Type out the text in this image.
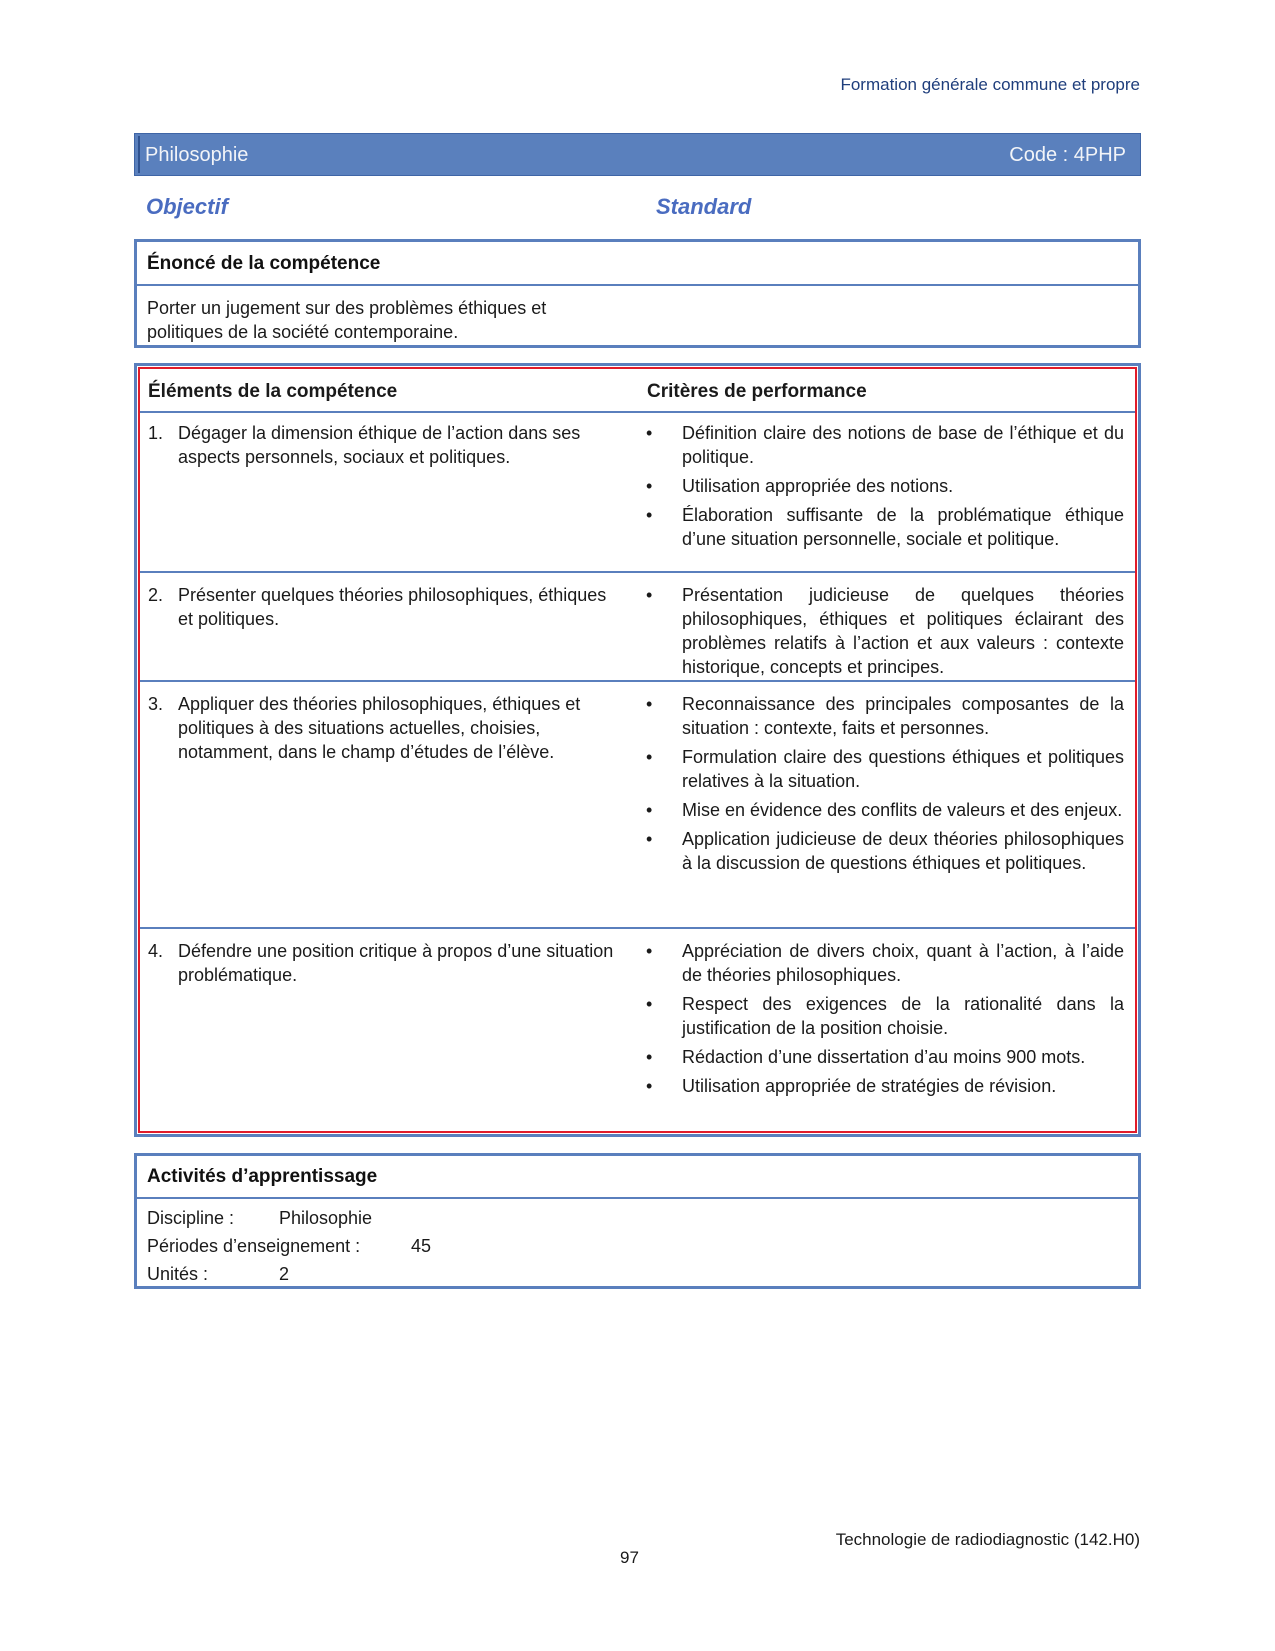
Formation générale commune et propre
Philosophie	Code : 4PHP
Objectif	Standard
Énoncé de la compétence
Porter un jugement sur des problèmes éthiques et politiques de la société contemporaine.
Éléments de la compétence	Critères de performance
1. Dégager la dimension éthique de l’action dans ses aspects personnels, sociaux et politiques.
• Définition claire des notions de base de l’éthique et du politique.
• Utilisation appropriée des notions.
• Élaboration suffisante de la problématique éthique d’une situation personnelle, sociale et politique.
2. Présenter quelques théories philosophiques, éthiques et politiques.
• Présentation judicieuse de quelques théories philosophiques, éthiques et politiques éclairant des problèmes relatifs à l’action et aux valeurs : contexte historique, concepts et principes.
3. Appliquer des théories philosophiques, éthiques et politiques à des situations actuelles, choisies, notamment, dans le champ d’études de l’élève.
• Reconnaissance des principales composantes de la situation : contexte, faits et personnes.
• Formulation claire des questions éthiques et politiques relatives à la situation.
• Mise en évidence des conflits de valeurs et des enjeux.
• Application judicieuse de deux théories philosophiques à la discussion de questions éthiques et politiques.
4. Défendre une position critique à propos d’une situation problématique.
• Appréciation de divers choix, quant à l’action, à l’aide de théories philosophiques.
• Respect des exigences de la rationalité dans la justification de la position choisie.
• Rédaction d’une dissertation d’au moins 900 mots.
• Utilisation appropriée de stratégies de révision.
Activités d’apprentissage
Discipline : Philosophie
Périodes d’enseignement :	45
Unités :	2
Technologie de radiodiagnostic (142.H0)
97
